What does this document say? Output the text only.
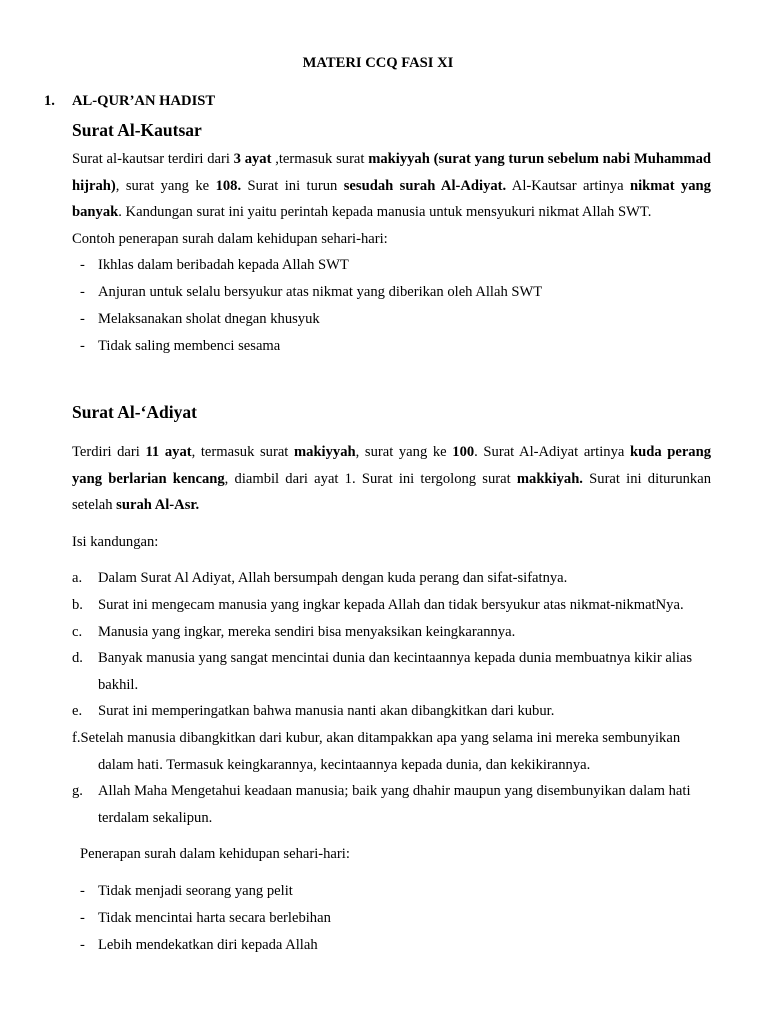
MATERI CCQ FASI XI
1. AL-QUR’AN HADIST
Surat Al-Kautsar
Surat al-kautsar terdiri dari 3 ayat ,termasuk surat makiyyah (surat yang turun sebelum nabi Muhammad hijrah), surat yang ke 108. Surat ini turun sesudah surah Al-Adiyat. Al-Kautsar artinya nikmat yang banyak. Kandungan surat ini yaitu perintah kepada manusia untuk mensyukuri nikmat Allah SWT.
Contoh penerapan surah dalam kehidupan sehari-hari:
- Ikhlas dalam beribadah kepada Allah SWT
- Anjuran untuk selalu bersyukur atas nikmat yang diberikan oleh Allah SWT
- Melaksanakan sholat dnegan khusyuk
- Tidak saling membenci sesama
Surat Al-‘Adiyat
Terdiri dari 11 ayat, termasuk surat makiyyah, surat yang ke 100. Surat Al-Adiyat artinya kuda perang yang berlarian kencang, diambil dari ayat 1. Surat ini tergolong surat makkiyah. Surat ini diturunkan setelah surah Al-Asr.
Isi kandungan:
a. Dalam Surat Al Adiyat, Allah bersumpah dengan kuda perang dan sifat-sifatnya.
b. Surat ini mengecam manusia yang ingkar kepada Allah dan tidak bersyukur atas nikmat-nikmatNya.
c. Manusia yang ingkar, mereka sendiri bisa menyaksikan keingkarannya.
d. Banyak manusia yang sangat mencintai dunia dan kecintaannya kepada dunia membuatnya kikir alias bakhil.
e. Surat ini memperingatkan bahwa manusia nanti akan dibangkitkan dari kubur.
f.Setelah manusia dibangkitkan dari kubur, akan ditampakkan apa yang selama ini mereka sembunyikan dalam hati. Termasuk keingkarannya, kecintaannya kepada dunia, dan kekikirannya.
g. Allah Maha Mengetahui keadaan manusia; baik yang dhahir maupun yang disembunyikan dalam hati terdalam sekalipun.
Penerapan surah dalam kehidupan sehari-hari:
- Tidak menjadi seorang yang pelit
- Tidak mencintai harta secara berlebihan
- Lebih mendekatkan diri kepada Allah
